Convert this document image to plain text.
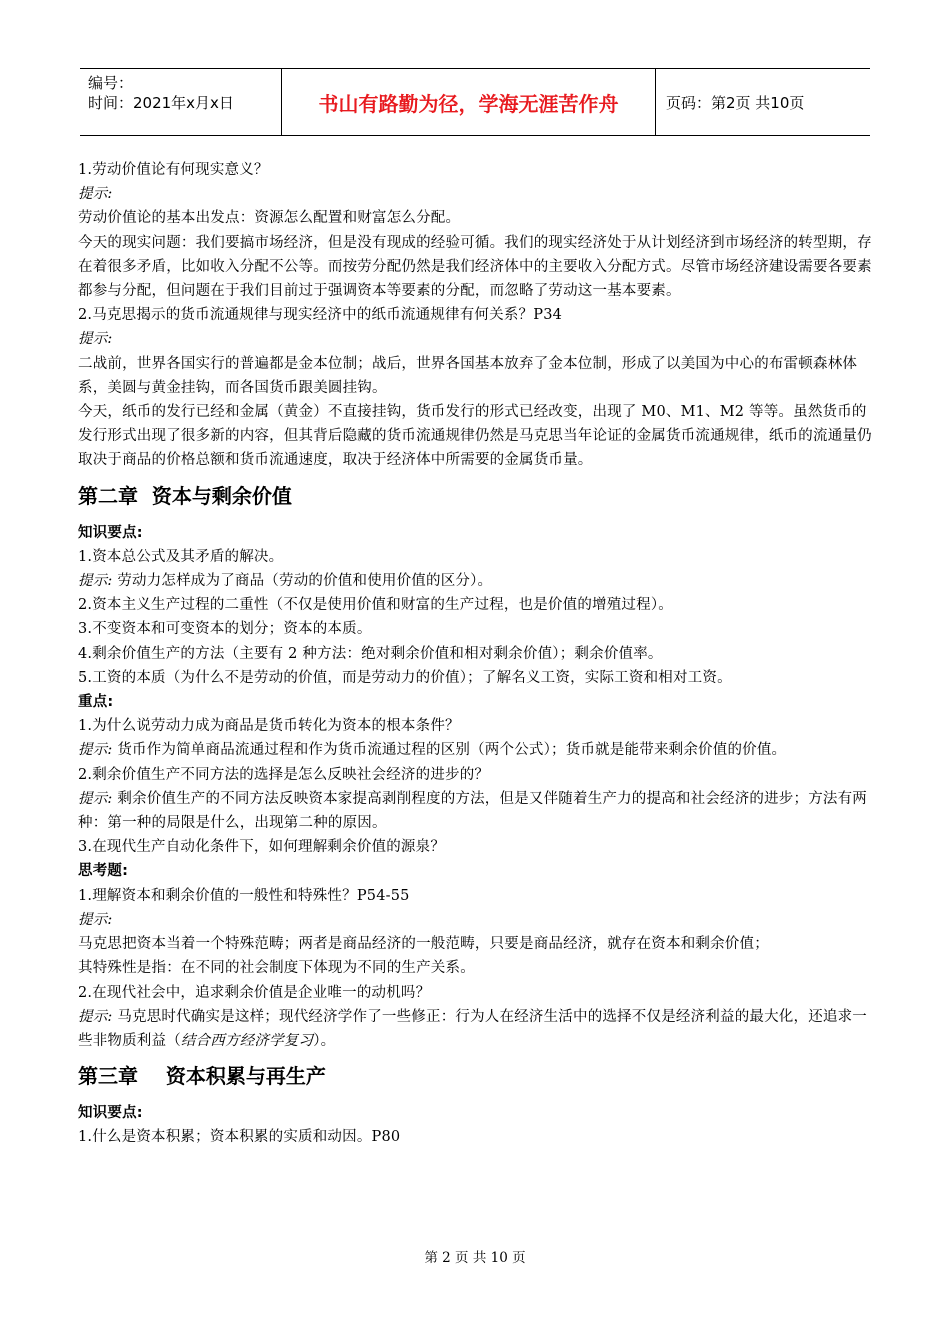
编号：
时间：2021年x月x日	书山有路勤为径，学海无涯苦作舟	页码：第2页 共10页
1.劳动价值论有何现实意义？
提示:
劳动价值论的基本出发点：资源怎么配置和财富怎么分配。
今天的现实问题：我们要搞市场经济，但是没有现成的经验可循。我们的现实经济处于从计划经济到市场经济的转型期，存在着很多矛盾，比如收入分配不公等。而按劳分配仍然是我们经济体中的主要收入分配方式。尽管市场经济建设需要各要素都参与分配，但问题在于我们目前过于强调资本等要素的分配，而忽略了劳动这一基本要素。
2.马克思揭示的货币流通规律与现实经济中的纸币流通规律有何关系？P34
提示:
二战前，世界各国实行的普遍都是金本位制；战后，世界各国基本放弃了金本位制，形成了以美国为中心的布雷顿森林体系，美圆与黄金挂钩，而各国货币跟美圆挂钩。
今天，纸币的发行已经和金属（黄金）不直接挂钩，货币发行的形式已经改变，出现了 M0、M1、M2 等等。虽然货币的发行形式出现了很多新的内容，但其背后隐藏的货币流通规律仍然是马克思当年论证的金属货币流通规律，纸币的流通量仍取决于商品的价格总额和货币流通速度，取决于经济体中所需要的金属货币量。
第二章  资本与剩余价值
知识要点:
1.资本总公式及其矛盾的解决。
提示: 劳动力怎样成为了商品（劳动的价值和使用价值的区分）。
2.资本主义生产过程的二重性（不仅是使用价值和财富的生产过程，也是价值的增殖过程）。
3.不变资本和可变资本的划分；资本的本质。
4.剩余价值生产的方法（主要有 2 种方法：绝对剩余价值和相对剩余价值）；剩余价值率。
5.工资的本质（为什么不是劳动的价值，而是劳动力的价值）；了解名义工资，实际工资和相对工资。
重点:
1.为什么说劳动力成为商品是货币转化为资本的根本条件？
提示: 货币作为简单商品流通过程和作为货币流通过程的区别（两个公式）；货币就是能带来剩余价值的价值。
2.剩余价值生产不同方法的选择是怎么反映社会经济的进步的？
提示: 剩余价值生产的不同方法反映资本家提高剥削程度的方法，但是又伴随着生产力的提高和社会经济的进步；方法有两种：第一种的局限是什么，出现第二种的原因。
3.在现代生产自动化条件下，如何理解剩余价值的源泉？
思考题:
1.理解资本和剩余价值的一般性和特殊性？P54-55
提示:
马克思把资本当着一个特殊范畴；两者是商品经济的一般范畴，只要是商品经济，就存在资本和剩余价值；
其特殊性是指：在不同的社会制度下体现为不同的生产关系。
2.在现代社会中，追求剩余价值是企业唯一的动机吗？
提示: 马克思时代确实是这样；现代经济学作了一些修正：行为人在经济生活中的选择不仅是经济利益的最大化，还追求一些非物质利益（结合西方经济学复习）。
第三章    资本积累与再生产
知识要点:
1.什么是资本积累；资本积累的实质和动因。P80
第 2 页 共 10 页
